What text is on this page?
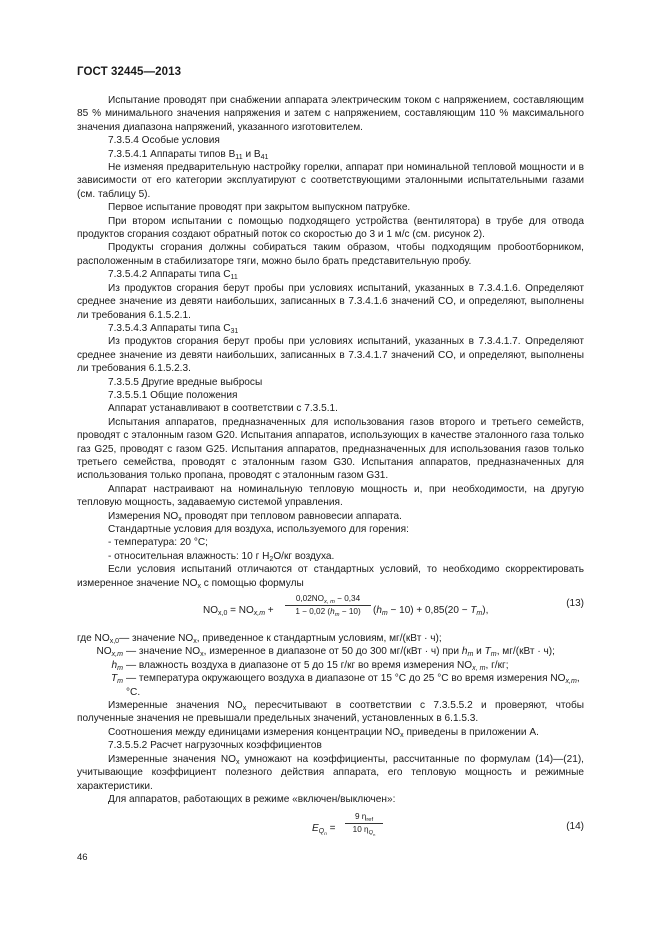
ГОСТ 32445—2013

Испытание проводят при снабжении аппарата электрическим током с напряжением, составляющим 85 % минимального значения напряжения и затем с напряжением, составляющим 110 % максимального значения диапазона напряжений, указанного изготовителем.

7.3.5.4 Особые условия

7.3.5.4.1 Аппараты типов $B_{11}$ и $B_{41}$

Не изменяя предварительную настройку горелки, аппарат при номинальной тепловой мощности и в зависимости от его категории эксплуатируют с соответствующими эталонными испытательными газами (см. таблицу 5).

Первое испытание проводят при закрытом выпускном патрубке.

При втором испытании с помощью подходящего устройства (вентилятора) в трубе для отвода продуктов сгорания создают обратный поток со скоростью до 3 и 1 м/с (см. рисунок 2).

Продукты сгорания должны собираться таким образом, чтобы подходящим пробоотборником, расположенным в стабилизаторе тяги, можно было брать представительную пробу.

7.3.5.4.2 Аппараты типа $C_{11}$

Из продуктов сгорания берут пробы при условиях испытаний, указанных в 7.3.4.1.6. Определяют среднее значение из девяти наибольших, записанных в 7.3.4.1.6 значений CO, и определяют, выполнены ли требования 6.1.5.2.1.

7.3.5.4.3 Аппараты типа $C_{31}$

Из продуктов сгорания берут пробы при условиях испытаний, указанных в 7.3.4.1.7. Определяют среднее значение из девяти наибольших, записанных в 7.3.4.1.7 значений CO, и определяют, выполнены ли требования 6.1.5.2.3.

7.3.5.5 Другие вредные выбросы

7.3.5.5.1 Общие положения

Аппарат устанавливают в соответствии с 7.3.5.1.

Испытания аппаратов, предназначенных для использования газов второго и третьего семейств, проводят с эталонным газом G20. Испытания аппаратов, использующих в качестве эталонного газа только газ G25, проводят с газом G25. Испытания аппаратов, предназначенных для использования газов только третьего семейства, проводят с эталонным газом G30. Испытания аппаратов, предназначенных для использования только пропана, проводят с эталонным газом G31.

Аппарат настраивают на номинальную тепловую мощность и, при необходимости, на другую тепловую мощность, задаваемую системой управления.

Измерения $NO_x$ проводят при тепловом равновесии аппарата.

Стандартные условия для воздуха, используемого для горения:

- температура: 20 °С;

- относительная влажность: 10 г $H_2O/кг$ воздуха.

Если условия испытаний отличаются от стандартных условий, то необходимо скорректировать измеренное значение $NO_x$ с помощью формулы

$NO_{x,0} = NO_{x,m}$ +
$0,02NO_{x, m} - 0,34$
1 − 0,02 $(h_m - 10)$	$(h_m - 10) + 0,85(20 - T_m)$,
(13)
где $NO_{x,0}$ — значение $NO_x$, приведенное к стандартным условиям, мг/(кВт · ч);
$NO_{x,m}$ — значение $NO_x$, измеренное в диапазоне от 50 до 300 мг/(кВт · ч) при $h_m$ и $T_m$, мг/(кВт · ч);
$h_m$ — влажность воздуха в диапазоне от 5 до 15 г/кг во время измерения $NO_{x, m}$, г/кг;
$T_m$ — температура окружающего воздуха в диапазоне от 15 °С до 25 °С во время измерения $NO_{x,m}$, °С.

Измеренные значения $NO_x$ пересчитывают в соответствии с 7.3.5.5.2 и проверяют, чтобы полученные значения не превышали предельных значений, установленных в 6.1.5.3.

Соотношения между единицами измерения концентрации $NO_x$ приведены в приложении А.

7.3.5.5.2 Расчет нагрузочных коэффициентов

Измеренные значения $NO_x$ умножают на коэффициенты, рассчитанные по формулам (14)—(21), учитывающие коэффициент полезного действия аппарата, его тепловую мощность и режимные характеристики.

Для аппаратов, работающих в режиме «включен/выключен»:

$E_{Q_n}$ =
9 $\eta_{ref}$
10 $\eta_{Q_n}$
(14)
46
